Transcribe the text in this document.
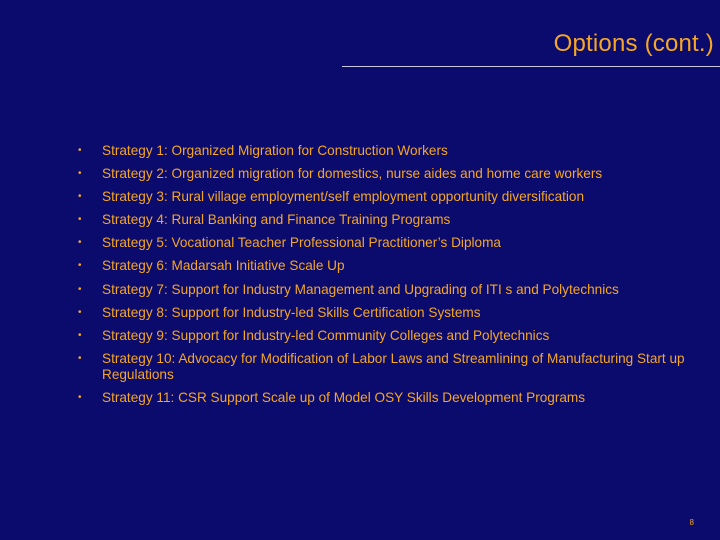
Options (cont.)
•	Strategy 1: Organized Migration for Construction Workers
•	Strategy 2: Organized migration for domestics, nurse aides and home care workers
•	Strategy 3: Rural village employment/self employment opportunity diversification
•	Strategy 4: Rural Banking and Finance Training Programs
•	Strategy 5: Vocational Teacher Professional Practitioner’s Diploma
•	Strategy 6: Madarsah Initiative Scale Up
•	Strategy 7: Support for Industry Management and Upgrading of ITI s and Polytechnics
•	Strategy 8: Support for Industry-led Skills Certification Systems
•	Strategy 9: Support for Industry-led Community Colleges and Polytechnics
•	Strategy 10: Advocacy for Modification of Labor Laws and Streamlining of Manufacturing Start up Regulations
•	Strategy 11: CSR Support Scale up of Model OSY Skills Development Programs
8
